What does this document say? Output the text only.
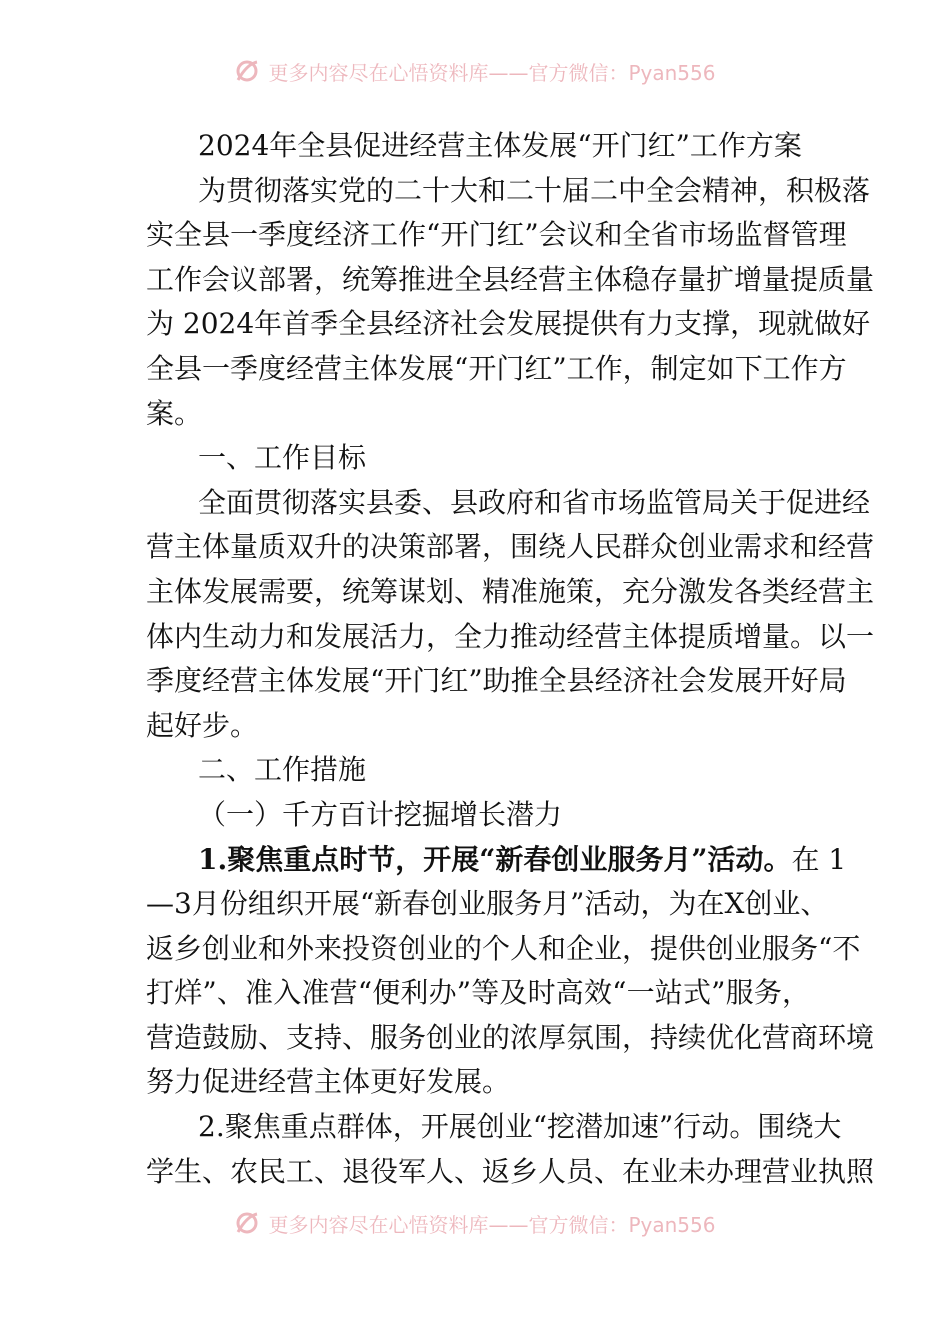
更多内容尽在心悟资料库——官方微信：Pyan556
2024年全县促进经营主体发展“开门红”工作方案
为贯彻落实党的二十大和二十届二中全会精神，积极落
实全县一季度经济工作“开门红”会议和全省市场监督管理
工作会议部署，统筹推进全县经营主体稳存量扩增量提质量
为 2024年首季全县经济社会发展提供有力支撑，现就做好
全县一季度经营主体发展“开门红”工作，制定如下工作方
案。
一、工作目标
全面贯彻落实县委、县政府和省市场监管局关于促进经
营主体量质双升的决策部署，围绕人民群众创业需求和经营
主体发展需要，统筹谋划、精准施策，充分激发各类经营主
体内生动力和发展活力，全力推动经营主体提质增量。以一
季度经营主体发展“开门红”助推全县经济社会发展开好局
起好步。
二、工作措施
（一）千方百计挖掘增长潜力
1.聚焦重点时节，开展“新春创业服务月”活动。在 1
—3月份组织开展“新春创业服务月”活动，为在X创业、
返乡创业和外来投资创业的个人和企业，提供创业服务“不
打烊”、准入准营“便利办”等及时高效“一站式”服务，
营造鼓励、支持、服务创业的浓厚氛围，持续优化营商环境
努力促进经营主体更好发展。
2.聚焦重点群体，开展创业“挖潜加速”行动。围绕大
学生、农民工、退役军人、返乡人员、在业未办理营业执照
更多内容尽在心悟资料库——官方微信：Pyan556
